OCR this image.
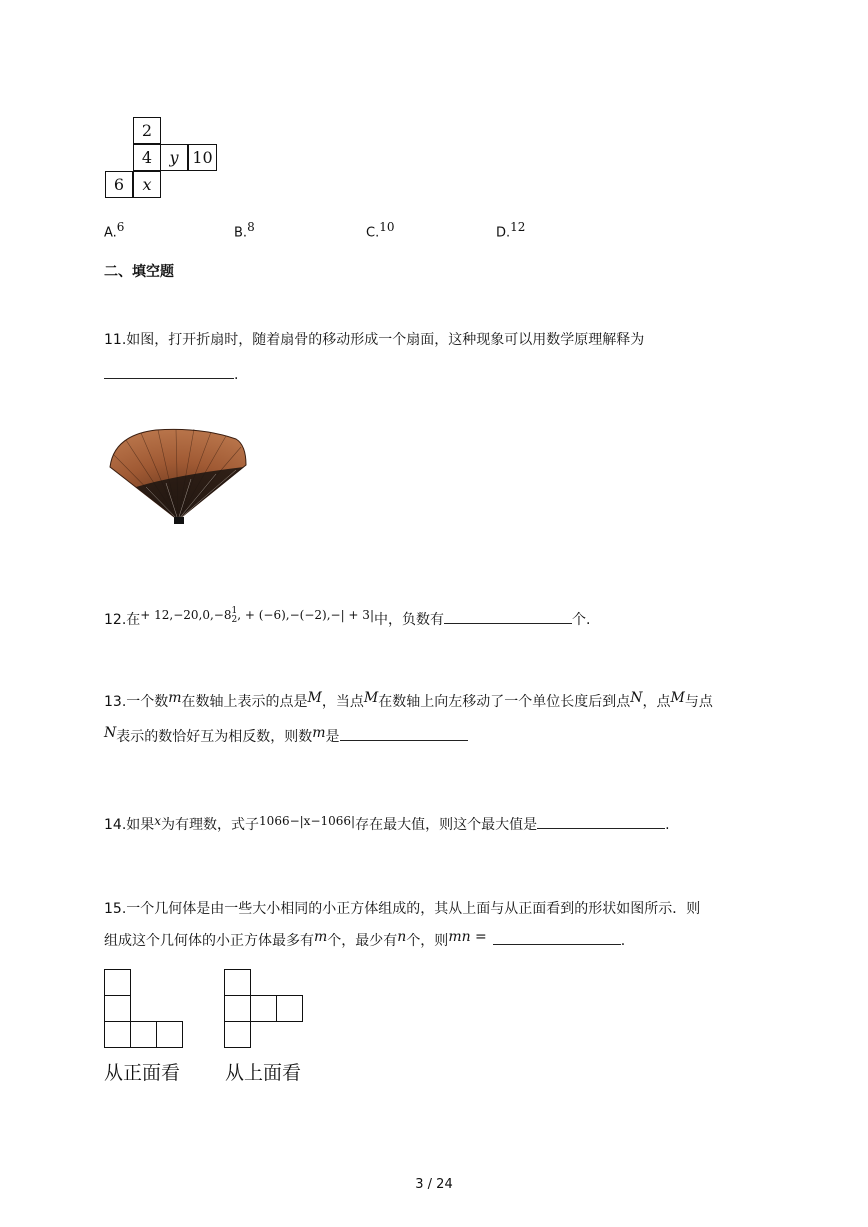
2
4 y 10
6 x
A.$^6$	B.$^8$	C.$^{10}$	D.$^{12}$
二、填空题
11.如图，打开折扇时，随着扇骨的移动形成一个扇面，这种现象可以用数学原理解释为
.
12.在+ 12,−20,0,−8 1
2 , + (−6),−(−2),−| + 3|中，负数有	个.
13.一个数m在数轴上表示的点是M，当点M在数轴上向左移动了一个单位长度后到点N，点M与点
N表示的数恰好互为相反数，则数m是
14.如果x为有理数，式子1066−|x−1066|存在最大值，则这个最大值是	.
15.一个几何体是由一些大小相同的小正方体组成的，其从上面与从正面看到的形状如图所示．则
组成这个几何体的小正方体最多有m个，最少有n个，则mn =	.
从正面看 从上面看
3 / 24
